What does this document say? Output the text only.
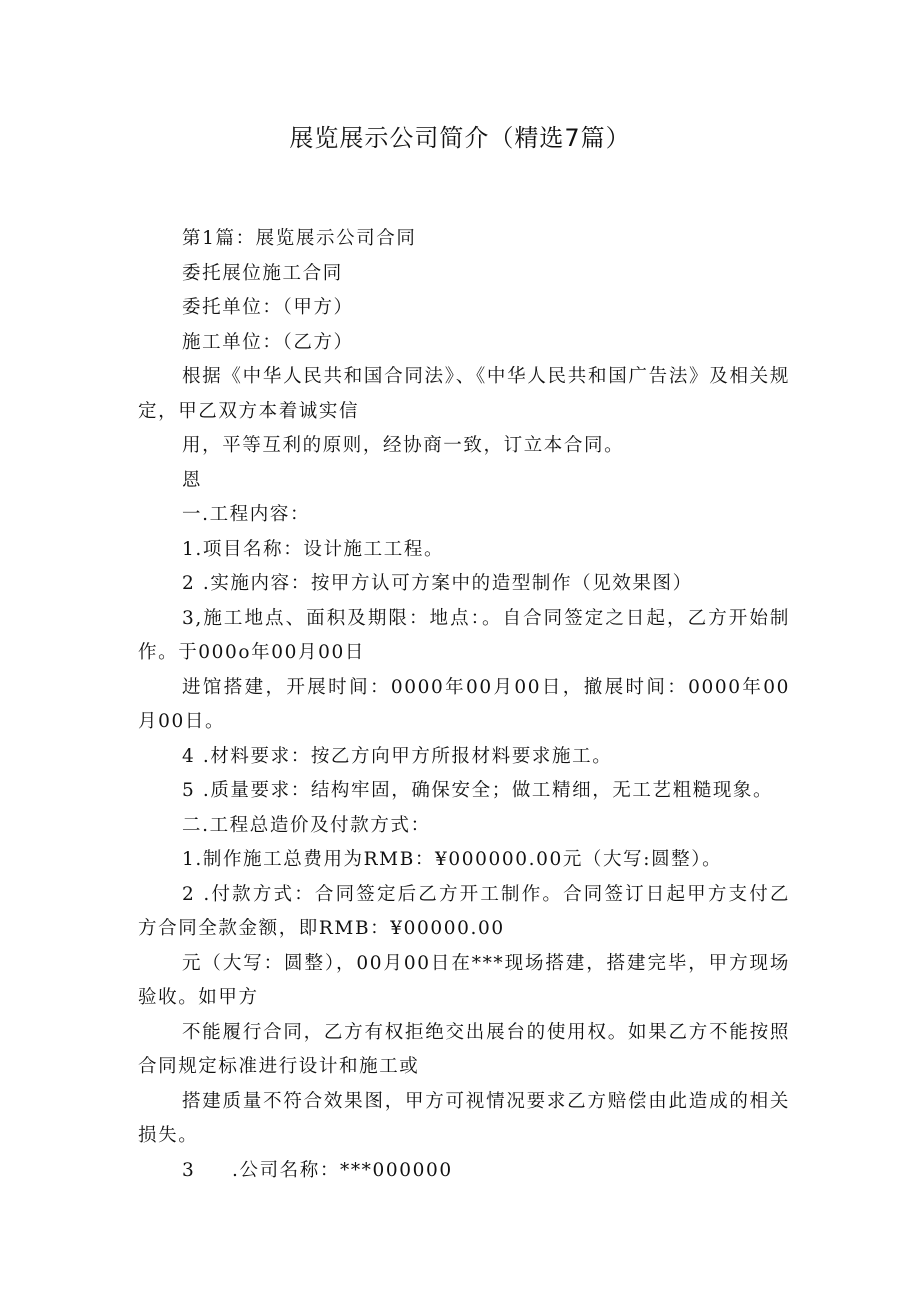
展览展示公司简介（精选7篇）

第1篇：展览展示公司合同

委托展位施工合同

委托单位：（甲方）

施工单位：（乙方）

根据《中华人民共和国合同法》、《中华人民共和国广告法》及相关规定，甲乙双方本着诚实信

用，平等互利的原则，经协商一致，订立本合同。

恩

一.工程内容：

1.项目名称：设计施工工程。

2 .实施内容：按甲方认可方案中的造型制作（见效果图）

3,施工地点、面积及期限：地点：。自合同签定之日起，乙方开始制作。于000o年00月00日

进馆搭建，开展时间：0000年00月00日，撤展时间：0000年00月00日。

4 .材料要求：按乙方向甲方所报材料要求施工。

5 .质量要求：结构牢固，确保安全；做工精细，无工艺粗糙现象。

二.工程总造价及付款方式：

1.制作施工总费用为RMB：¥000000.00元（大写:圆整）。

2 .付款方式：合同签定后乙方开工制作。合同签订日起甲方支付乙方合同全款金额，即RMB：¥00000.00

元（大写：圆整），00月00日在***现场搭建，搭建完毕，甲方现场验收。如甲方

不能履行合同，乙方有权拒绝交出展台的使用权。如果乙方不能按照合同规定标准进行设计和施工或

搭建质量不符合效果图，甲方可视情况要求乙方赔偿由此造成的相关损失。

3 .公司名称：***000000
